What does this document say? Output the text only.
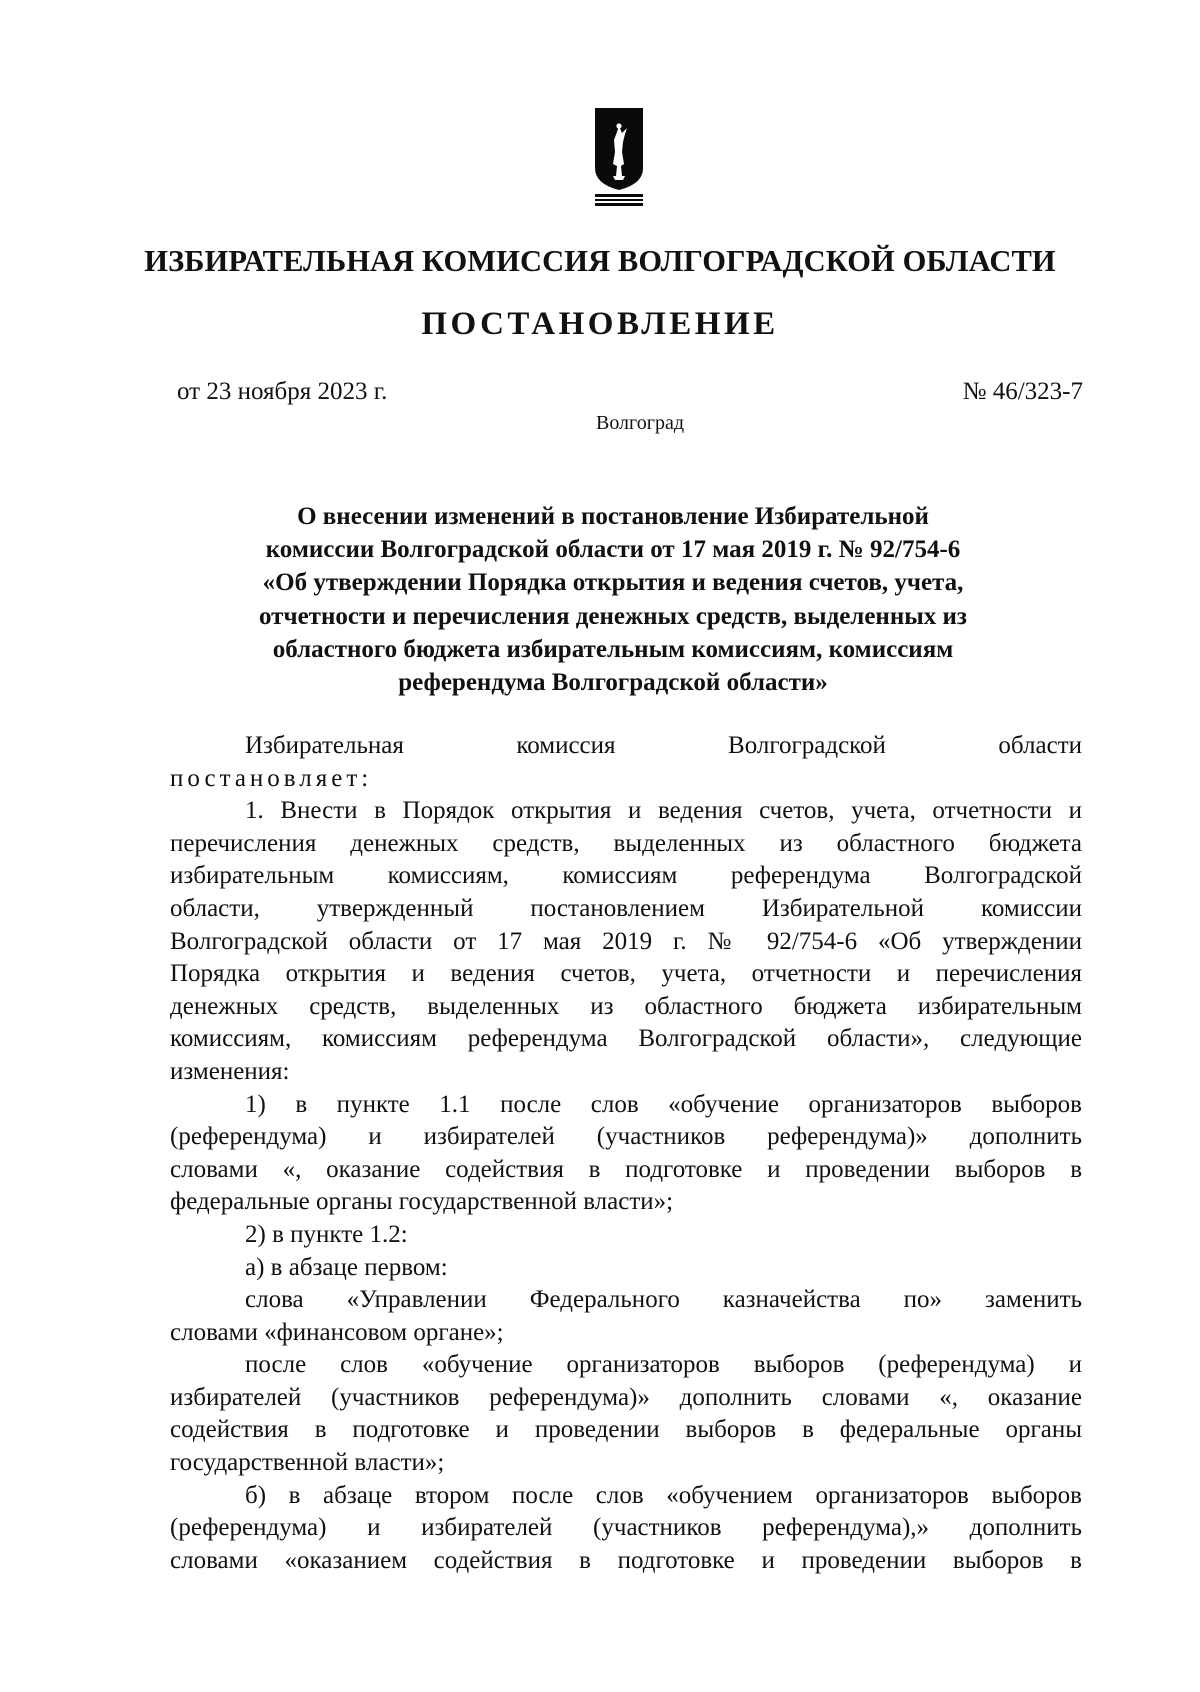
ИЗБИРАТЕЛЬНАЯ КОМИССИЯ ВОЛГОГРАДСКОЙ ОБЛАСТИ
ПОСТАНОВЛЕНИЕ
от 23 ноября 2023 г.	№ 46/323-7
Волгоград
О внесении изменений в постановление Избирательной
комиссии Волгоградской области от 17 мая 2019 г. № 92/754-6
«Об утверждении Порядка открытия и ведения счетов, учета,
отчетности и перечисления денежных средств, выделенных из
областного бюджета избирательным комиссиям, комиссиям
референдума Волгоградской области»
Избирательная комиссия Волгоградской области
постановляет:
1. Внести в Порядок открытия и ведения счетов, учета, отчетности и
перечисления денежных средств, выделенных из областного бюджета
избирательным комиссиям, комиссиям референдума Волгоградской
области, утвержденный постановлением Избирательной комиссии
Волгоградской области от 17 мая 2019 г. № 92/754-6 «Об утверждении
Порядка открытия и ведения счетов, учета, отчетности и перечисления
денежных средств, выделенных из областного бюджета избирательным
комиссиям, комиссиям референдума Волгоградской области», следующие
изменения:
1) в пункте 1.1 после слов «обучение организаторов выборов
(референдума) и избирателей (участников референдума)» дополнить
словами «, оказание содействия в подготовке и проведении выборов в
федеральные органы государственной власти»;
2) в пункте 1.2:
а) в абзаце первом:
слова «Управлении Федерального казначейства по» заменить
словами «финансовом органе»;
после слов «обучение организаторов выборов (референдума) и
избирателей (участников референдума)» дополнить словами «, оказание
содействия в подготовке и проведении выборов в федеральные органы
государственной власти»;
б) в абзаце втором после слов «обучением организаторов выборов
(референдума) и избирателей (участников референдума),» дополнить
словами «оказанием содействия в подготовке и проведении выборов в
